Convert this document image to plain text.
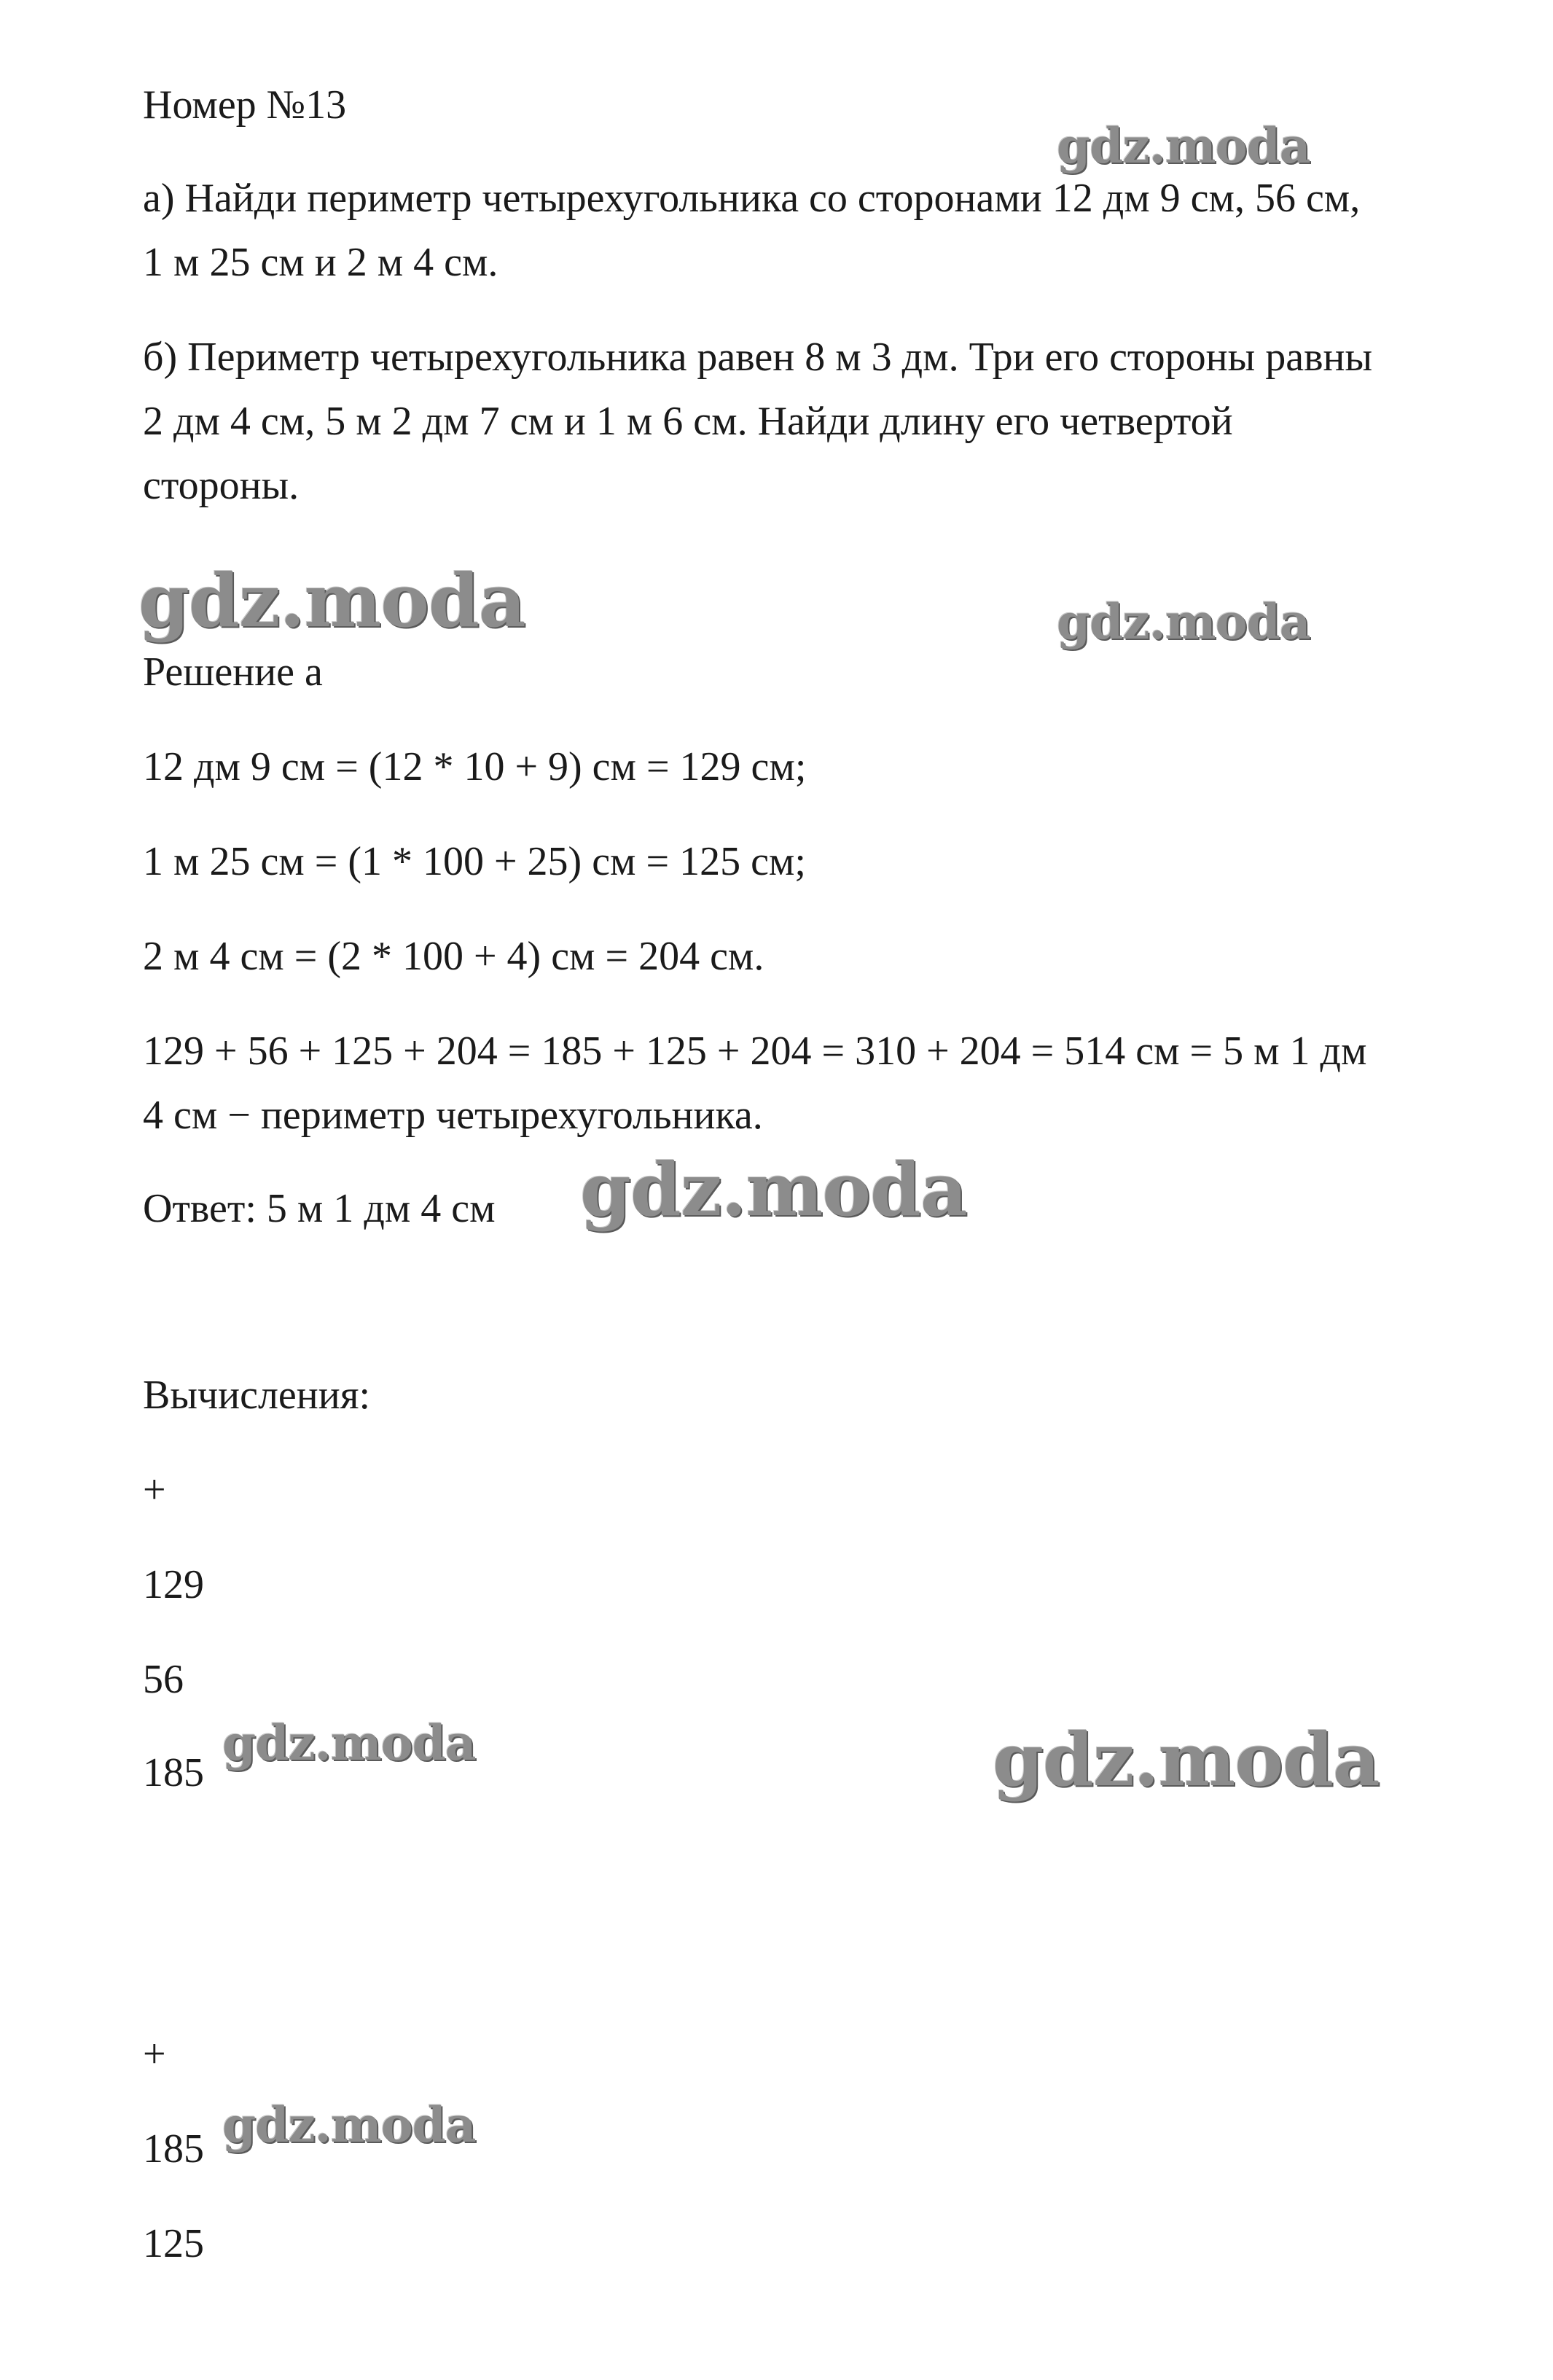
Номер №13
а) Найди периметр четырехугольника со сторонами 12 дм 9 см, 56 см,
1 м 25 см и 2 м 4 см.
б) Периметр четырехугольника равен 8 м 3 дм. Три его стороны равны
2 дм 4 см, 5 м 2 дм 7 см и 1 м 6 см. Найди длину его четвертой
стороны.
Решение а
12 дм 9 см = (12 * 10 + 9) см = 129 см;
1 м 25 см = (1 * 100 + 25) см = 125 см;
2 м 4 см = (2 * 100 + 4) см = 204 см.
129 + 56 + 125 + 204 = 185 + 125 + 204 = 310 + 204 = 514 см = 5 м 1 дм
4 см − периметр четырехугольника.
Ответ: 5 м 1 дм 4 см
Вычисления:
+
129
56
185
+
185
125
gdz.moda
gdz.moda	gdz.moda
gdz.moda
gdz.moda	gdz.moda
gdz.moda
